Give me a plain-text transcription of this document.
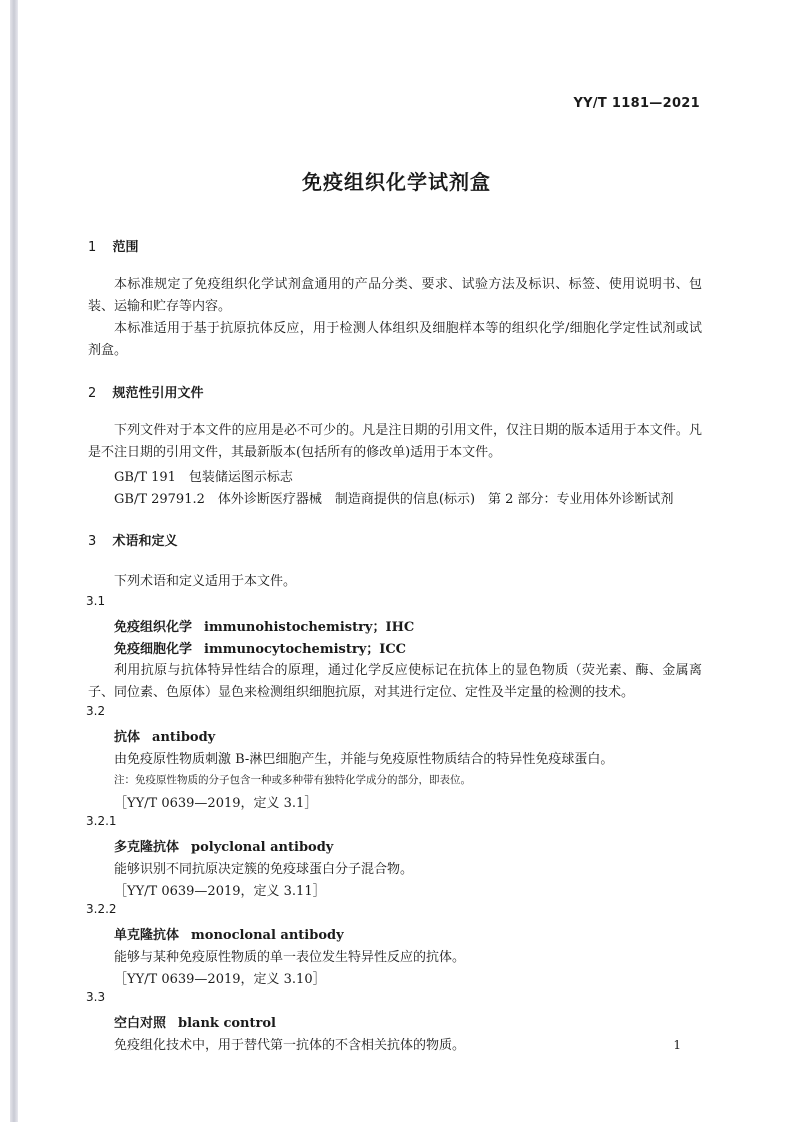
YY/T 1181—2021
免疫组织化学试剂盒
1 范围

本标准规定了免疫组织化学试剂盒通用的产品分类、要求、试验方法及标识、标签、使用说明书、包装、运输和贮存等内容。

本标准适用于基于抗原抗体反应，用于检测人体组织及细胞样本等的组织化学/细胞化学定性试剂或试剂盒。

2 规范性引用文件

下列文件对于本文件的应用是必不可少的。凡是注日期的引用文件，仅注日期的版本适用于本文件。凡是不注日期的引用文件，其最新版本(包括所有的修改单)适用于本文件。

GB/T 191　包装储运图示标志
GB/T 29791.2　体外诊断医疗器械　制造商提供的信息(标示)　第 2 部分：专业用体外诊断试剂
3 术语和定义
下列术语和定义适用于本文件。
3.1
免疫组织化学 immunohistochemistry；IHC
免疫细胞化学 immunocytochemistry；ICC

利用抗原与抗体特异性结合的原理，通过化学反应使标记在抗体上的显色物质（荧光素、酶、金属离子、同位素、色原体）显色来检测组织细胞抗原，对其进行定位、定性及半定量的检测的技术。

3.2
抗体 antibody
由免疫原性物质刺激 B-淋巴细胞产生，并能与免疫原性物质结合的特异性免疫球蛋白。
注：免疫原性物质的分子包含一种或多种带有独特化学成分的部分，即表位。
［YY/T 0639—2019，定义 3.1］
3.2.1
多克隆抗体 polyclonal antibody
能够识别不同抗原决定簇的免疫球蛋白分子混合物。
［YY/T 0639—2019，定义 3.11］
3.2.2
单克隆抗体 monoclonal antibody
能够与某种免疫原性物质的单一表位发生特异性反应的抗体。
［YY/T 0639—2019，定义 3.10］
3.3
空白对照 blank control
免疫组化技术中，用于替代第一抗体的不含相关抗体的物质。	1
